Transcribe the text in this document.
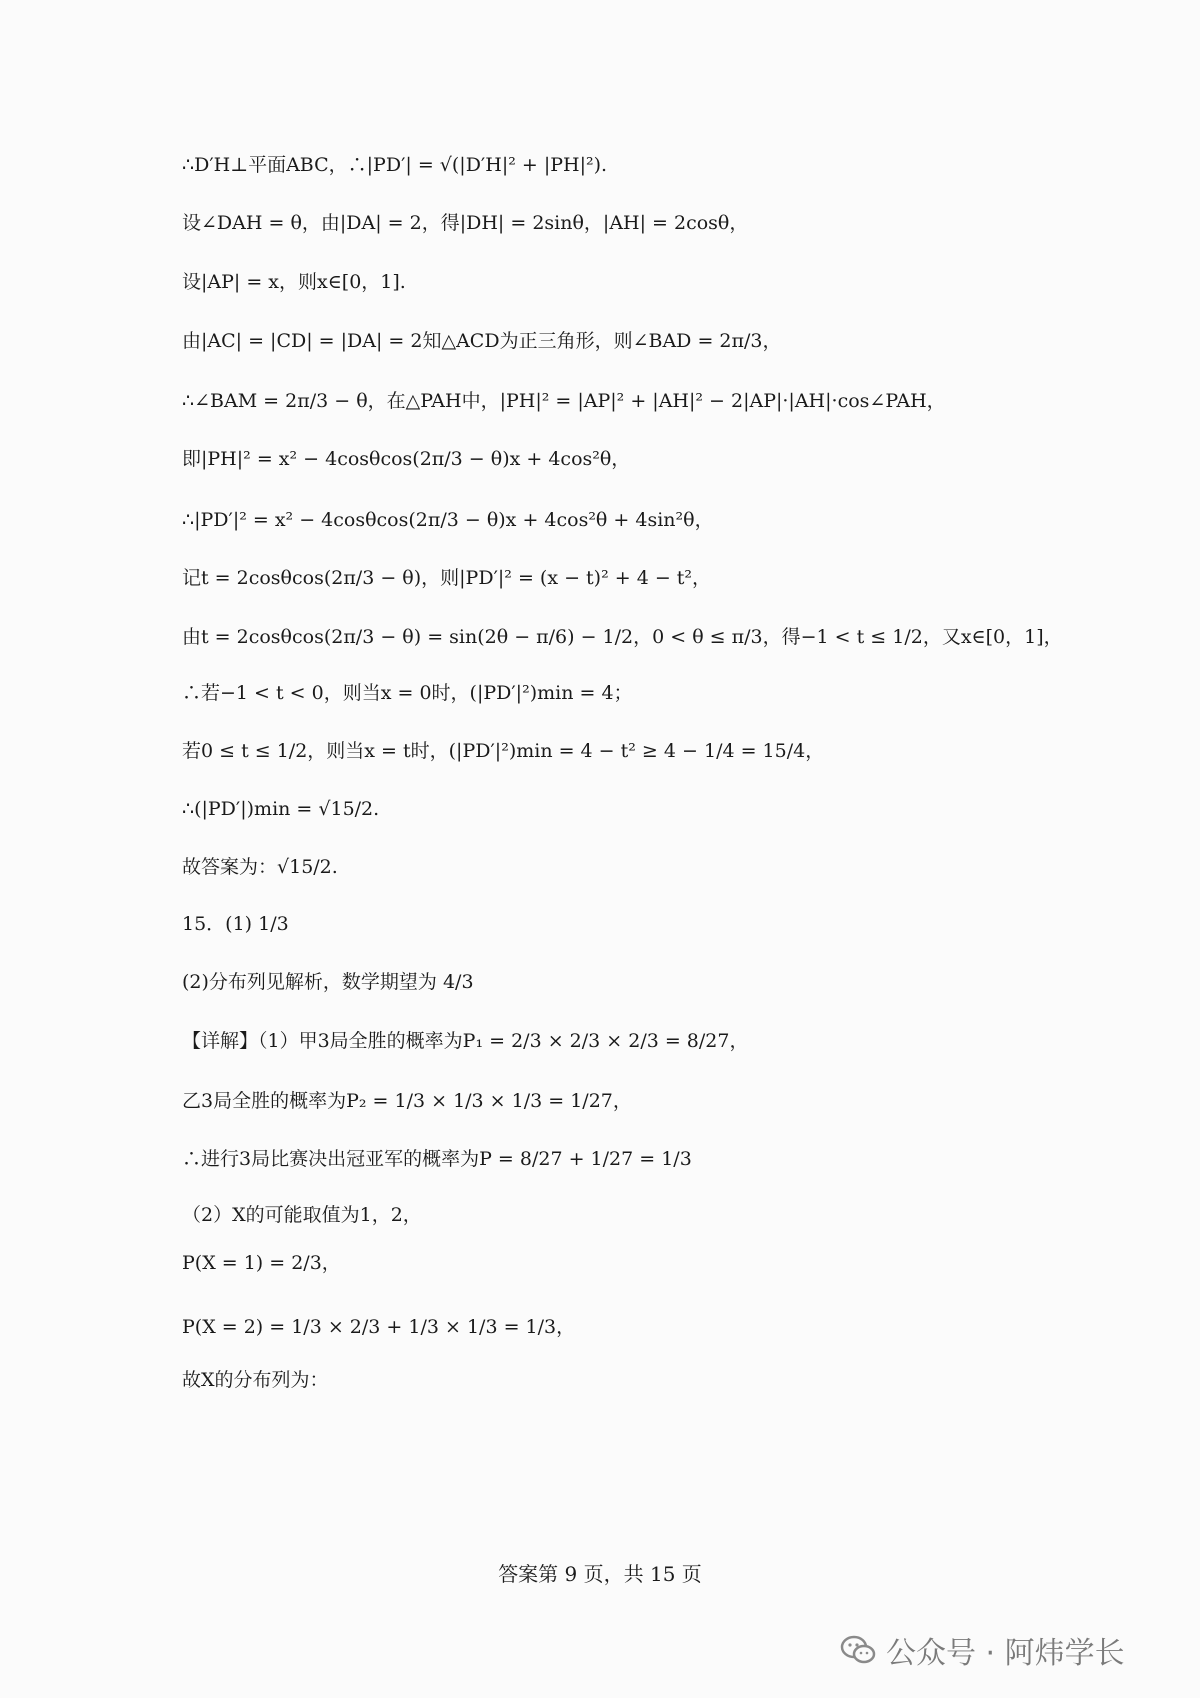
∴D′H⊥平面ABC，∴|PD′| = √(|D′H|² + |PH|²).
设∠DAH = θ，由|DA| = 2，得|DH| = 2sinθ，|AH| = 2cosθ，
设|AP| = x，则x∈[0，1].
由|AC| = |CD| = |DA| = 2知△ACD为正三角形，则∠BAD = 2π/3，
∴∠BAM = 2π/3 − θ，在△PAH中，|PH|² = |AP|² + |AH|² − 2|AP|·|AH|·cos∠PAH，
即|PH|² = x² − 4cosθcos(2π/3 − θ)x + 4cos²θ，
∴|PD′|² = x² − 4cosθcos(2π/3 − θ)x + 4cos²θ + 4sin²θ，
记t = 2cosθcos(2π/3 − θ)，则|PD′|² = (x − t)² + 4 − t²，
由t = 2cosθcos(2π/3 − θ) = sin(2θ − π/6) − 1/2，0 < θ ≤ π/3，得−1 < t ≤ 1/2，又x∈[0，1]，
∴若−1 < t < 0，则当x = 0时，(|PD′|²)min = 4；
若0 ≤ t ≤ 1/2，则当x = t时，(|PD′|²)min = 4 − t² ≥ 4 − 1/4 = 15/4，
∴(|PD′|)min = √15/2.
故答案为：√15/2.
15．(1) 1/3
(2)分布列见解析，数学期望为 4/3
【详解】（1）甲3局全胜的概率为P₁ = 2/3 × 2/3 × 2/3 = 8/27，
乙3局全胜的概率为P₂ = 1/3 × 1/3 × 1/3 = 1/27，
∴进行3局比赛决出冠亚军的概率为P = 8/27 + 1/27 = 1/3
（2）X的可能取值为1，2，
P(X = 1) = 2/3，
P(X = 2) = 1/3 × 2/3 + 1/3 × 1/3 = 1/3，
故X的分布列为：
答案第 9 页，共 15 页
公众号 · 阿炜学长
